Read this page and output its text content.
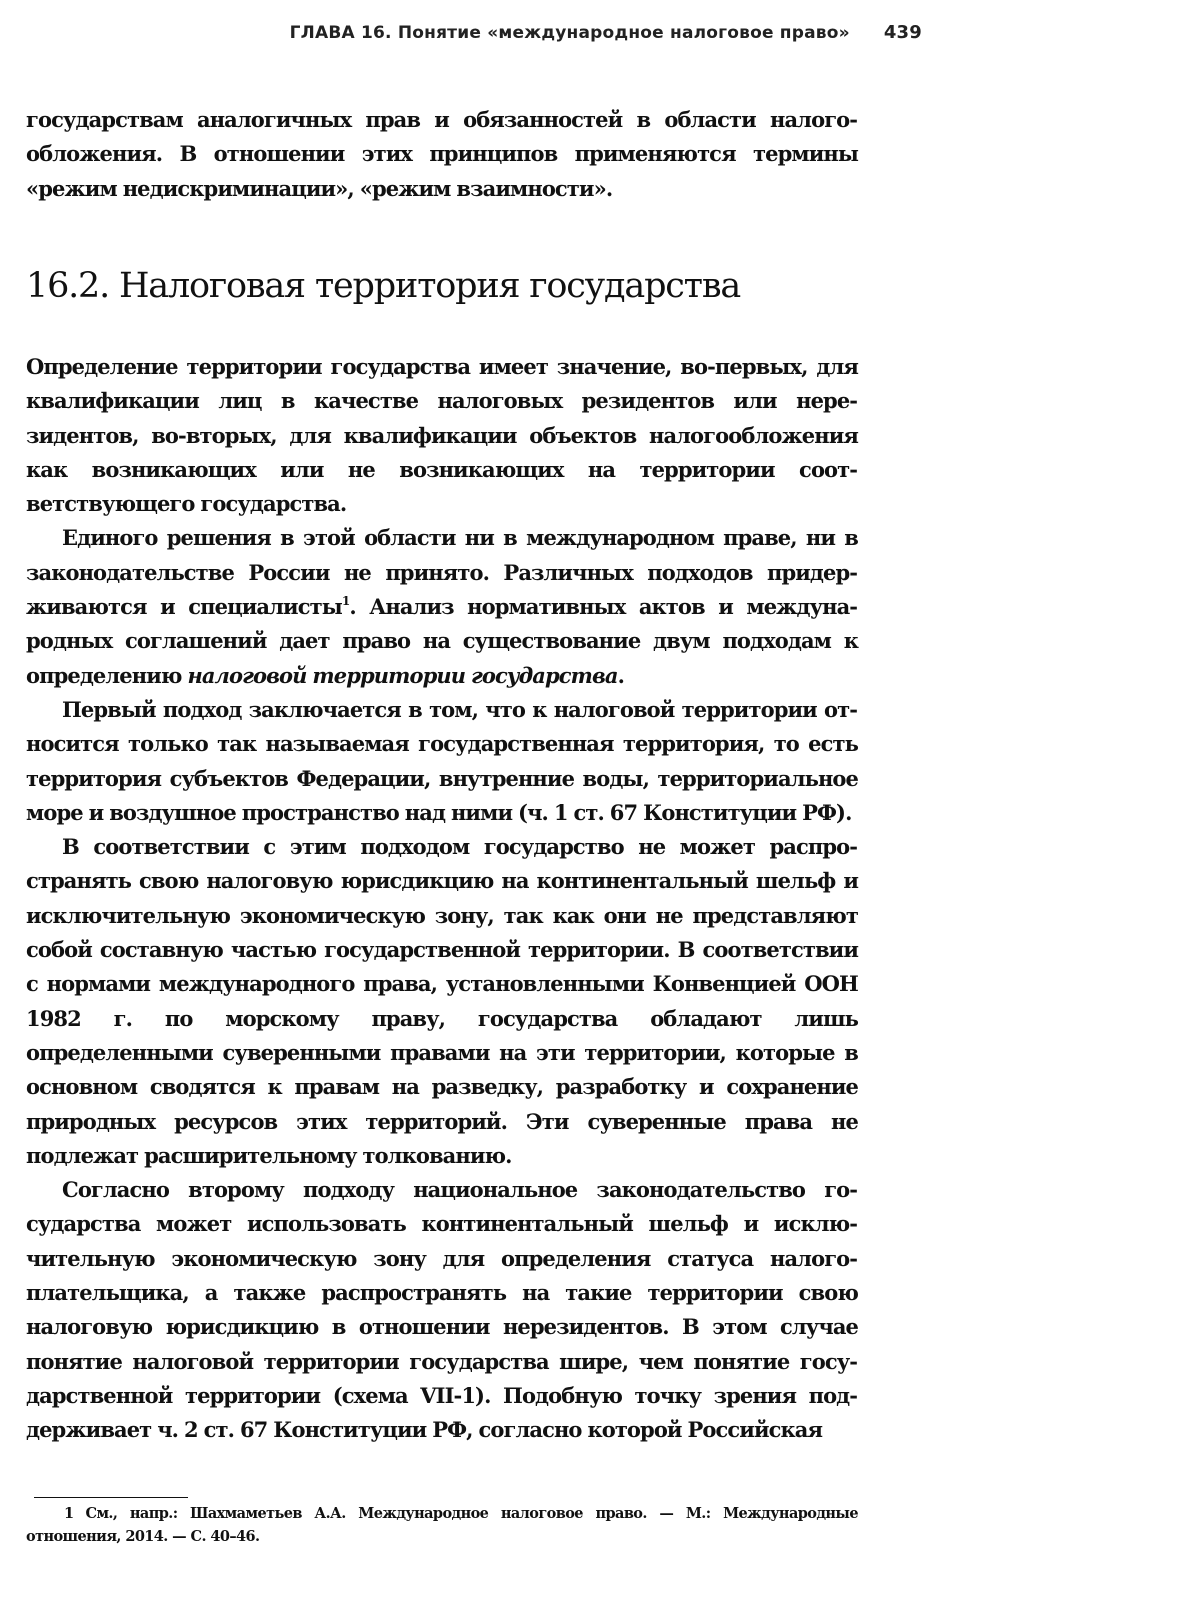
ГЛАВА 16. Понятие «международное налоговое право» 439

государствам аналогичных прав и обязанностей в области налогообложения. В отношении этих принципов применяются термины «режим недискриминации», «режим взаимности».

16.2. Налоговая территория государства

Определение территории государства имеет значение, во-первых, для квалификации лиц в качестве налоговых резидентов или нерезидентов, во-вторых, для квалификации объектов налогообложения как возникающих или не возникающих на территории соответствующего государства.

Единого решения в этой области ни в международном праве, ни в законодательстве России не принято. Различных подходов придерживаются и специалисты$^1$. Анализ нормативных актов и международных соглашений дает право на существование двум подходам к определению налоговой территории государства.

Первый подход заключается в том, что к налоговой территории относится только так называемая государственная территория, то есть территория субъектов Федерации, внутренние воды, территориальное море и воздушное пространство над ними (ч. 1 ст. 67 Конституции РФ).

В соответствии с этим подходом государство не может распространять свою налоговую юрисдикцию на континентальный шельф и исключительную экономическую зону, так как они не представляют собой составную частью государственной территории. В соответствии с нормами международного права, установленными Конвенцией ООН 1982 г. по морскому праву, государства обладают лишь определенными суверенными правами на эти территории, которые в основном сводятся к правам на разведку, разработку и сохранение природных ресурсов этих территорий. Эти суверенные права не подлежат расширительному толкованию.

Согласно второму подходу национальное законодательство государства может использовать континентальный шельф и исключительную экономическую зону для определения статуса налогоплательщика, а также распространять на такие территории свою налоговую юрисдикцию в отношении нерезидентов. В этом случае понятие налоговой территории государства шире, чем понятие государственной территории (схема VII-1). Подобную точку зрения поддерживает ч. 2 ст. 67 Конституции РФ, согласно которой Российская

1 См., напр.: Шахмаметьев А.А. Международное налоговое право. — М.: Международные отношения, 2014. — С. 40–46.
